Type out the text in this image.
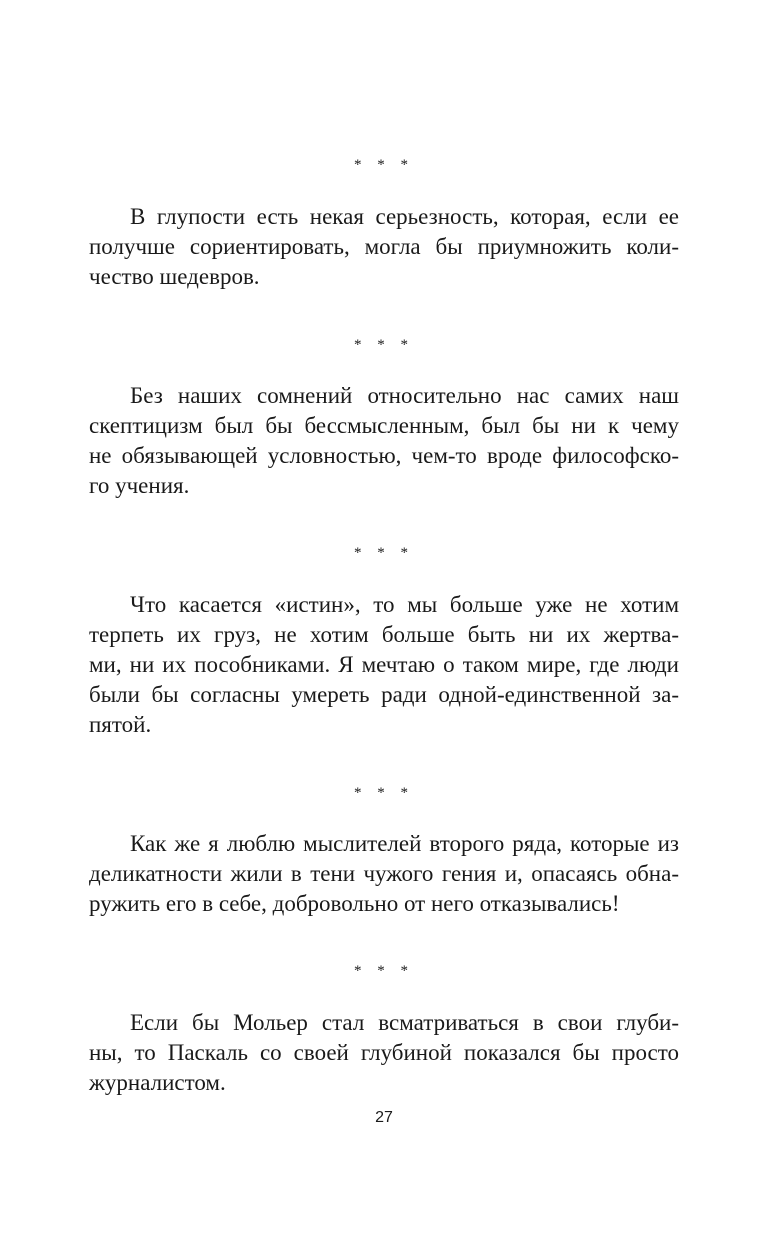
* * *
В глупости есть некая серьезность, которая, если ее
получше сориентировать, могла бы приумножить коли-
чество шедевров.
* * *
Без наших сомнений относительно нас самих наш
скептицизм был бы бессмысленным, был бы ни к чему
не обязывающей условностью, чем-то вроде философско-
го учения.
* * *
Что касается «истин», то мы больше уже не хотим
терпеть их груз, не хотим больше быть ни их жертва-
ми, ни их пособниками. Я мечтаю о таком мире, где люди
были бы согласны умереть ради одной-единственной за-
пятой.
* * *
Как же я люблю мыслителей второго ряда, которые из
деликатности жили в тени чужого гения и, опасаясь обна-
ружить его в себе, добровольно от него отказывались!
* * *
Если бы Мольер стал всматриваться в свои глуби-
ны, то Паскаль со своей глубиной показался бы просто
журналистом.
27
